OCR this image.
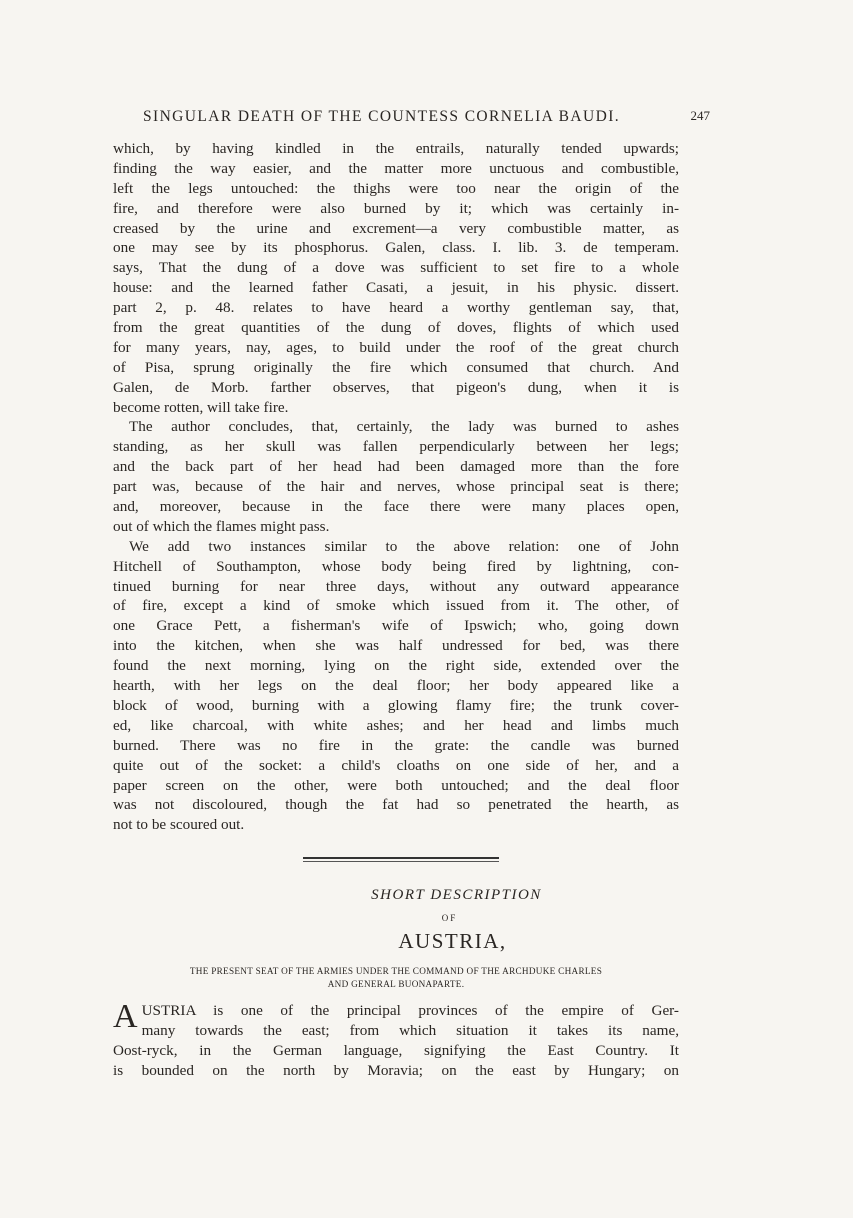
SINGULAR DEATH OF THE COUNTESS CORNELIA BAUDI.	247
which, by having kindled in the entrails, naturally tended upwards;
finding the way easier, and the matter more unctuous and combustible,
left the legs untouched: the thighs were too near the origin of the
fire, and therefore were also burned by it; which was certainly in-
creased by the urine and excrement—a very combustible matter, as
one may see by its phosphorus. Galen, class. I. lib. 3. de temperam.
says, That the dung of a dove was sufficient to set fire to a whole
house: and the learned father Casati, a jesuit, in his physic. dissert.
part 2, p. 48. relates to have heard a worthy gentleman say, that,
from the great quantities of the dung of doves, flights of which used
for many years, nay, ages, to build under the roof of the great church
of Pisa, sprung originally the fire which consumed that church. And
Galen, de Morb. farther observes, that pigeon's dung, when it is
become rotten, will take fire.
The author concludes, that, certainly, the lady was burned to ashes
standing, as her skull was fallen perpendicularly between her legs;
and the back part of her head had been damaged more than the fore
part was, because of the hair and nerves, whose principal seat is there;
and, moreover, because in the face there were many places open,
out of which the flames might pass.
We add two instances similar to the above relation: one of John
Hitchell of Southampton, whose body being fired by lightning, con-
tinued burning for near three days, without any outward appearance
of fire, except a kind of smoke which issued from it. The other, of
one Grace Pett, a fisherman's wife of Ipswich; who, going down
into the kitchen, when she was half undressed for bed, was there
found the next morning, lying on the right side, extended over the
hearth, with her legs on the deal floor; her body appeared like a
block of wood, burning with a glowing flamy fire; the trunk cover-
ed, like charcoal, with white ashes; and her head and limbs much
burned. There was no fire in the grate: the candle was burned
quite out of the socket: a child's cloaths on one side of her, and a
paper screen on the other, were both untouched; and the deal floor
was not discoloured, though the fat had so penetrated the hearth, as
not to be scoured out.
SHORT DESCRIPTION
OF
AUSTRIA,
THE PRESENT SEAT OF THE ARMIES UNDER THE COMMAND OF THE ARCHDUKE CHARLES
AND GENERAL BUONAPARTE.
A USTRIA is one of the principal provinces of the empire of Ger-
many towards the east; from which situation it takes its name,
Oost-ryck, in the German language, signifying the East Country. It
is bounded on the north by Moravia; on the east by Hungary; on
